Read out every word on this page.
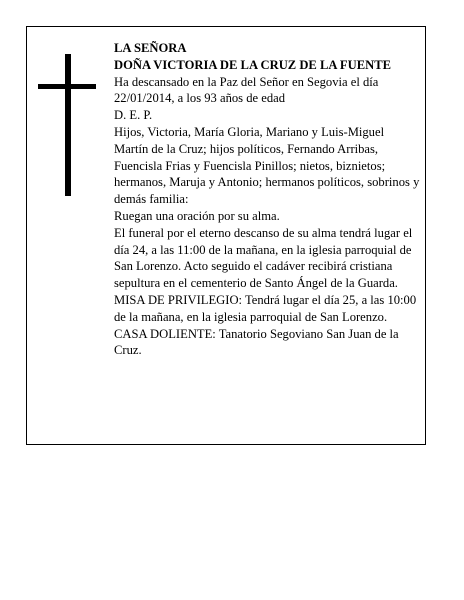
LA SEÑORA

DOÑA VICTORIA DE LA CRUZ DE LA FUENTE

Ha descansado en la Paz del Señor en Segovia el día 22/01/2014, a los 93 años de edad

D. E. P.

Hijos, Victoria, María Gloria, Mariano y Luis-Miguel Martín de la Cruz; hijos políticos, Fernando Arribas, Fuencisla Frias y Fuencisla Pinillos; nietos, biznietos; hermanos, Maruja y Antonio; hermanos políticos, sobrinos y demás familia:

Ruegan una oración por su alma.

El funeral por el eterno descanso de su alma tendrá lugar el día 24, a las 11:00 de la mañana, en la iglesia parroquial de San Lorenzo. Acto seguido el cadáver recibirá cristiana sepultura en el cementerio de Santo Ángel de la Guarda.

MISA DE PRIVILEGIO: Tendrá lugar el día 25, a las 10:00 de la mañana, en la iglesia parroquial de San Lorenzo.

CASA DOLIENTE: Tanatorio Segoviano San Juan de la Cruz.
